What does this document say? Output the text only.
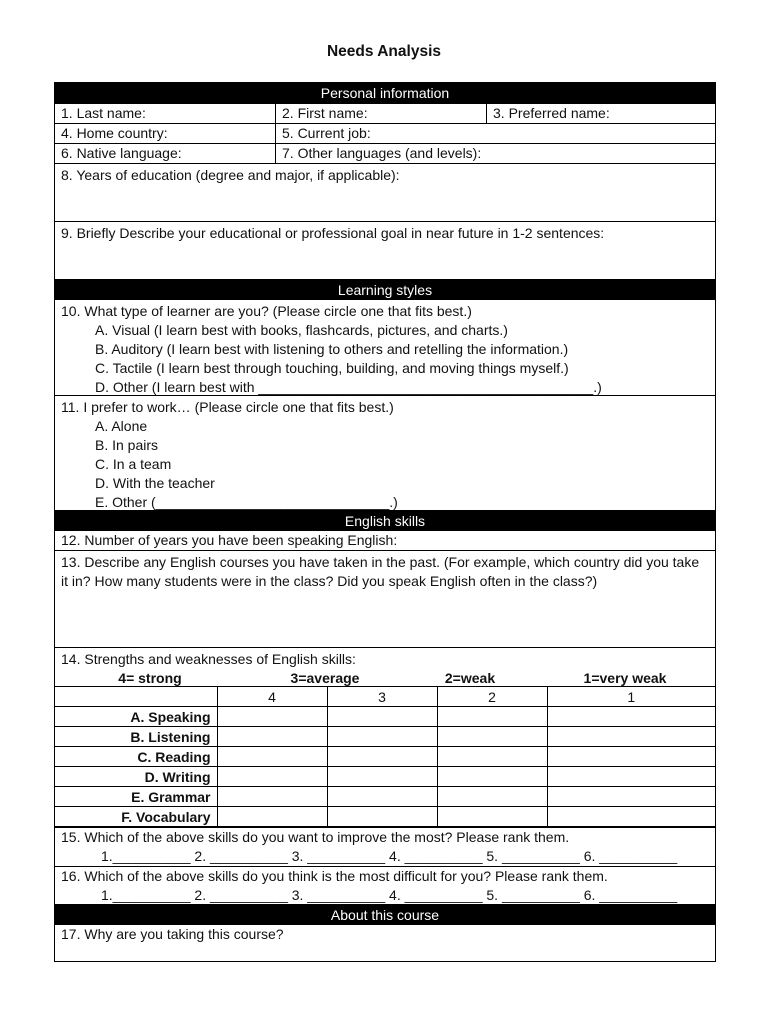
Needs Analysis
Personal information
1. Last name:	2. First name:	3. Preferred name:
4. Home country:	5. Current job:
6. Native language:	7. Other languages (and levels):
8. Years of education (degree and major, if applicable):
9. Briefly Describe your educational or professional goal in near future in 1-2 sentences:
Learning styles
10. What type of learner are you? (Please circle one that fits best.)
A. Visual (I learn best with books, flashcards, pictures, and charts.)
B. Auditory (I learn best with listening to others and retelling the information.)
C. Tactile (I learn best through touching, building, and moving things myself.)
D. Other (I learn best with ___________________________________________.)
11. I prefer to work… (Please circle one that fits best.)
A. Alone
B. In pairs
C. In a team
D. With the teacher
E. Other (______________________________.)
English skills
12. Number of years you have been speaking English:
13. Describe any English courses you have taken in the past. (For example, which country did you take it in? How many students were in the class? Did you speak English often in the class?)
14. Strengths and weaknesses of English skills:
4= strong	3=average	2=weak	1=very weak
	4	3	2	1
A. Speaking				
B. Listening				
C. Reading				
D. Writing				
E. Grammar				
F. Vocabulary				
15. Which of the above skills do you want to improve the most? Please rank them.
1.__________ 2. __________ 3. __________ 4. __________ 5. __________ 6. __________
16. Which of the above skills do you think is the most difficult for you? Please rank them.
1.__________ 2. __________ 3. __________ 4. __________ 5. __________ 6. __________
About this course
17. Why are you taking this course?
